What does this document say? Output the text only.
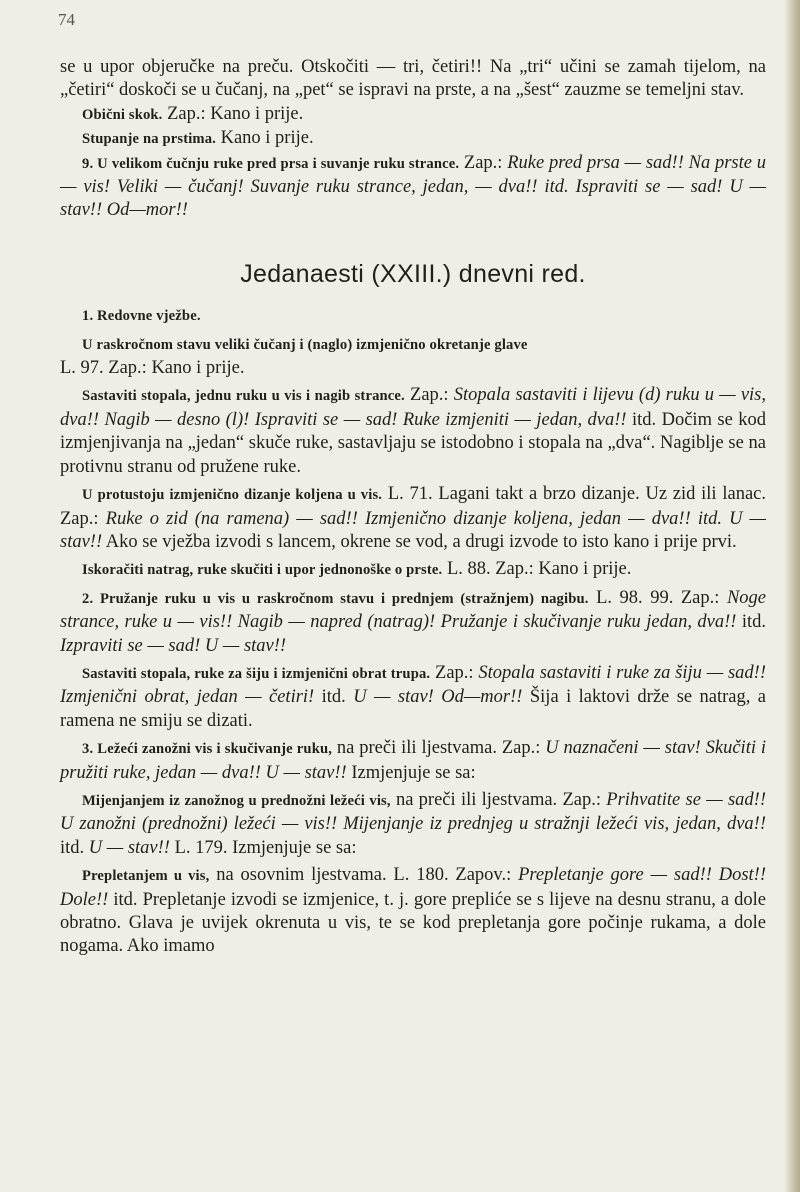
74

se u upor objeručke na preču. Otskočiti — tri, četiri!! Na „tri“ učini se zamah tijelom, na „četiri“ doskoči se u čučanj, na „pet“ se ispravi na prste, a na „šest“ zauzme se temeljni stav.

Obični skok. Zap.: Kano i prije.

Stupanje na prstima. Kano i prije.

9. U velikom čučnju ruke pred prsa i suvanje ruku strance. Zap.: Ruke pred prsa — sad!! Na prste u — vis! Veliki — čučanj! Suvanje ruku strance, jedan, — dva!! itd. Ispraviti se — sad! U — stav!! Od—mor!!

Jedanaesti (XXIII.) dnevni red.

1. Redovne vježbe.

U raskročnom stavu veliki čučanj i (naglo) izmjenično okretanje glave
L. 97. Zap.: Kano i prije.

Sastaviti stopala, jednu ruku u vis i nagib strance. Zap.: Stopala sastaviti i lijevu (d) ruku u — vis, dva!! Nagib — desno (l)! Ispraviti se — sad! Ruke izmjeniti — jedan, dva!! itd. Dočim se kod izmjenjivanja na „jedan“ skuče ruke, sastavljaju se istodobno i stopala na „dva“. Nagiblje se na protivnu stranu od pružene ruke.

U protustoju izmjenično dizanje koljena u vis. L. 71. Lagani takt a brzo dizanje. Uz zid ili lanac. Zap.: Ruke o zid (na ramena) — sad!! Izmjenično dizanje koljena, jedan — dva!! itd. U — stav!! Ako se vježba izvodi s lancem, okrene se vod, a drugi izvode to isto kano i prije prvi.

Iskoračiti natrag, ruke skučiti i upor jednonoške o prste. L. 88. Zap.: Kano i prije.

2. Pružanje ruku u vis u raskročnom stavu i prednjem (stražnjem) nagibu. L. 98. 99. Zap.: Noge strance, ruke u — vis!! Nagib — napred (natrag)! Pružanje i skučivanje ruku jedan, dva!! itd. Izpraviti se — sad! U — stav!!

Sastaviti stopala, ruke za šiju i izmjenični obrat trupa. Zap.: Stopala sastaviti i ruke za šiju — sad!! Izmjenični obrat, jedan — četiri! itd. U — stav! Od—mor!! Šija i laktovi drže se natrag, a ramena ne smiju se dizati.

3. Ležeći zanožni vis i skučivanje ruku, na preči ili ljestvama. Zap.: U naznačeni — stav! Skučiti i pružiti ruke, jedan — dva!! U — stav!! Izmjenjuje se sa:

Mijenjanjem iz zanožnog u prednožni ležeći vis, na preči ili ljestvama. Zap.: Prihvatite se — sad!! U zanožni (prednožni) ležeći — vis!! Mijenjanje iz prednjeg u stražnji ležeći vis, jedan, dva!! itd. U — stav!! L. 179. Izmjenjuje se sa:

Prepletanjem u vis, na osovnim ljestvama. L. 180. Zapov.: Prepletanje gore — sad!! Dost!! Dole!! itd. Prepletanje izvodi se izmjenice, t. j. gore prepliće se s lijeve na desnu stranu, a dole obratno. Glava je uvijek okrenuta u vis, te se kod prepletanja gore počinje rukama, a dole nogama. Ako imamo
